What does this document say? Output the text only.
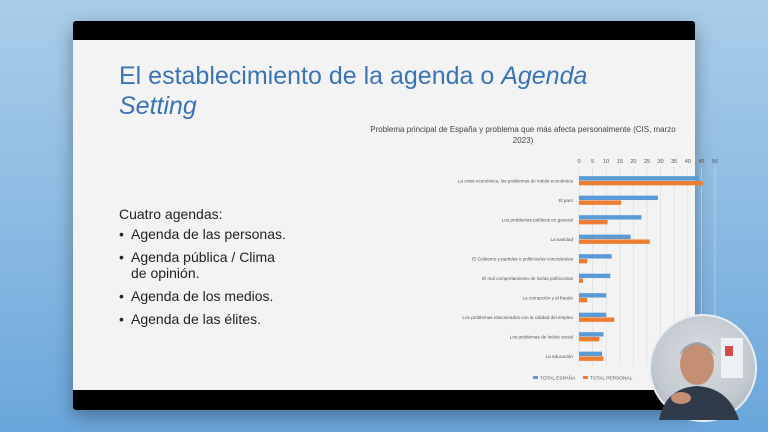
El establecimiento de la agenda o Agenda Setting
Cuatro agendas:
• Agenda de las personas.
• Agenda pública / Clima de opinión.
• Agenda de los medios.
• Agenda de las élites.
Problema principal de España y problema que más afecta personalmente (CIS, marzo 2023)
0 5 10 15 20 25 30 35 40 45 50
La crisis económica, los problemas de índole económica
El paro
Los problemas políticos en general
La sanidad
El Gobierno y partidos o políticos/as concretos/as
El mal comportamiento de los/as políticos/as
La corrupción y el fraude
Los problemas relacionados con la calidad del empleo
Los problemas de índole social
La educación
TOTAL ESPAÑA	TOTAL PERSONAL
